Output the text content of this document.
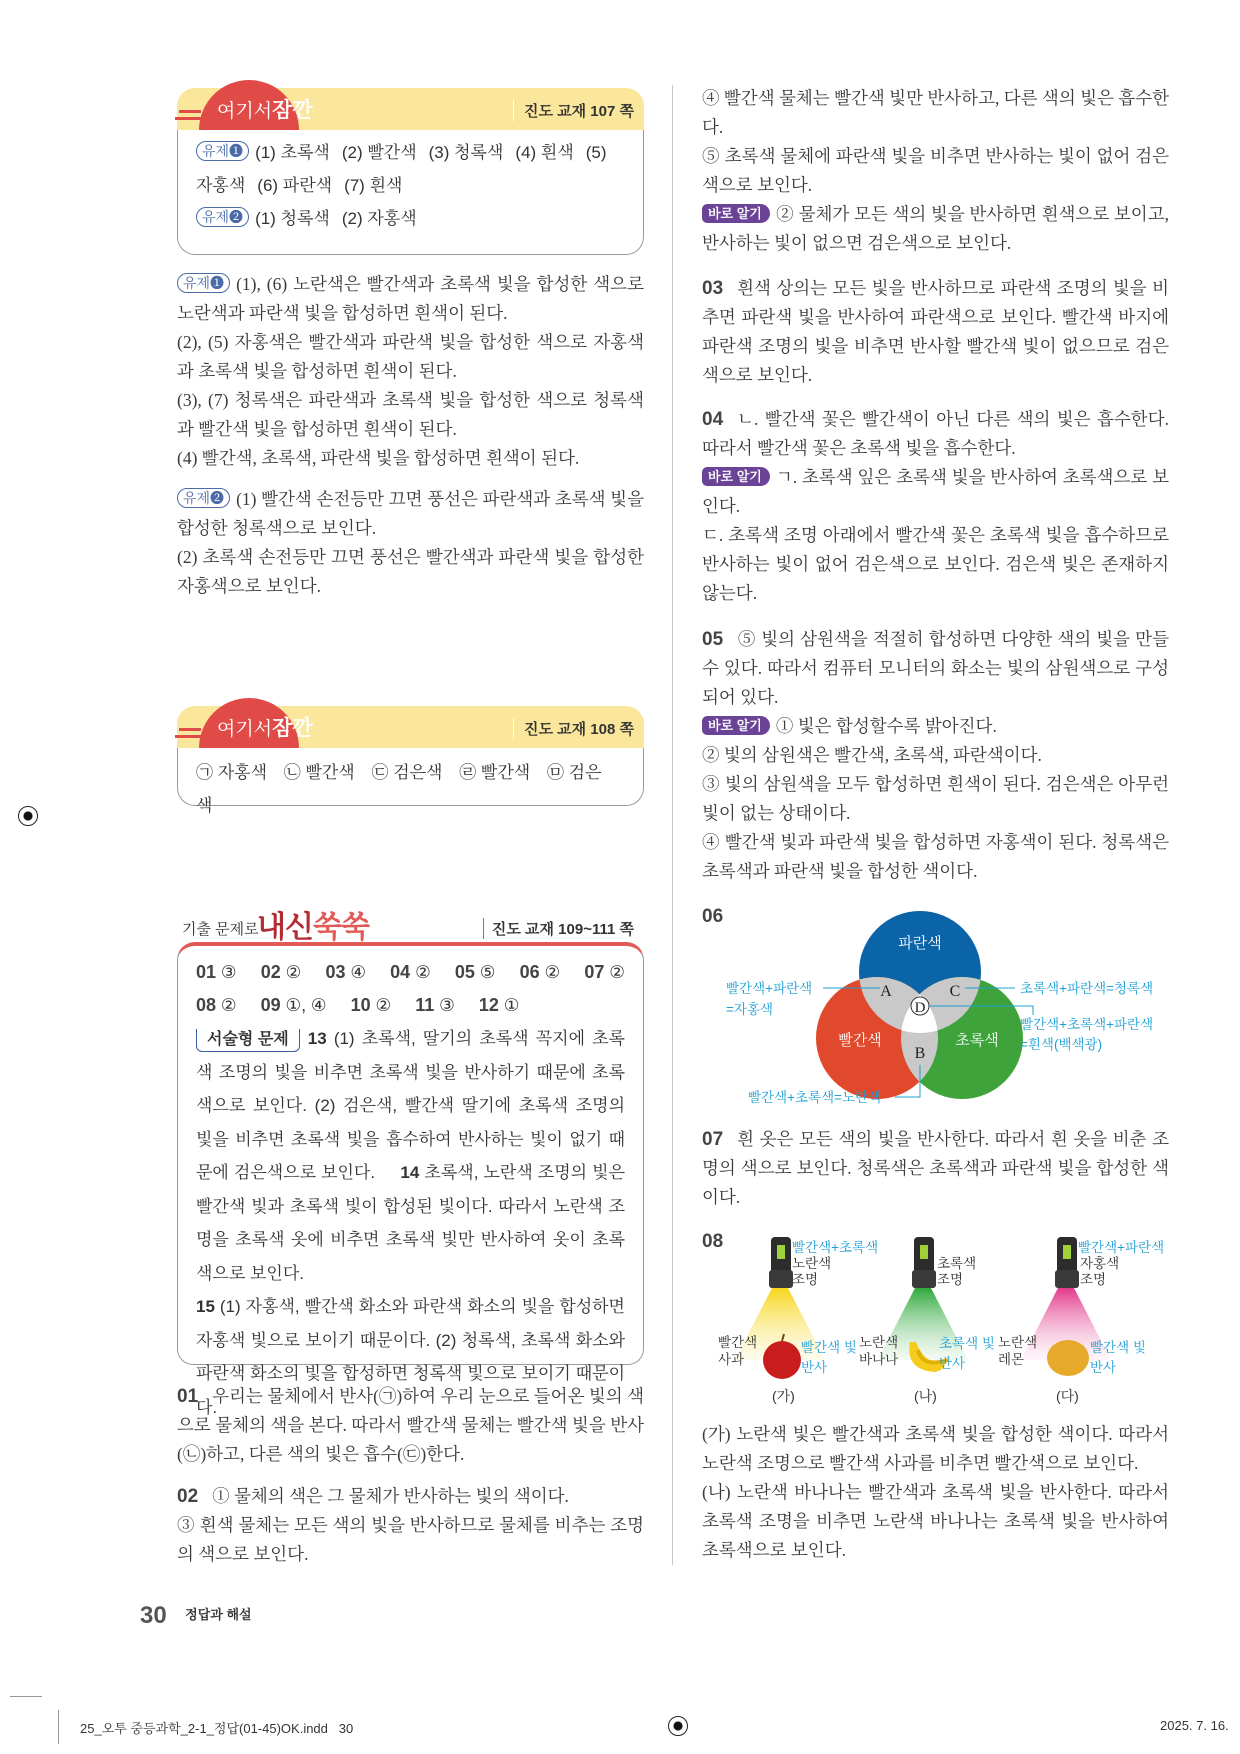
여기서잠깐	진도 교재 107 쪽
유제❶ (1) 초록색 (2) 빨간색 (3) 청록색 (4) 흰색 (5) 자홍색 (6) 파란색 (7) 흰색
유제❷ (1) 청록색 (2) 자홍색

유제❶ (1), (6) 노란색은 빨간색과 초록색 빛을 합성한 색으로 노란색과 파란색 빛을 합성하면 흰색이 된다.

(2), (5) 자홍색은 빨간색과 파란색 빛을 합성한 색으로 자홍색과 초록색 빛을 합성하면 흰색이 된다.

(3), (7) 청록색은 파란색과 초록색 빛을 합성한 색으로 청록색과 빨간색 빛을 합성하면 흰색이 된다.

(4) 빨간색, 초록색, 파란색 빛을 합성하면 흰색이 된다.

유제❷ (1) 빨간색 손전등만 끄면 풍선은 파란색과 초록색 빛을 합성한 청록색으로 보인다.

(2) 초록색 손전등만 끄면 풍선은 빨간색과 파란색 빛을 합성한 자홍색으로 보인다.

여기서잠깐	진도 교재 108 쪽
㉠ 자홍색 ㉡ 빨간색 ㉢ 검은색 ㉣ 빨간색 ㉤ 검은색
기출 문제로
내신쑥쑥	진도 교재 109~111 쪽
01 ③ 02 ② 03 ④ 04 ② 05 ⑤ 06 ② 07 ②
08 ② 09 ①, ④ 10 ② 11 ③ 12 ①
서술형 문제 13 (1) 초록색, 딸기의 초록색 꼭지에 초록색 조명의 빛을 비추면 초록색 빛을 반사하기 때문에 초록색으로 보인다. (2) 검은색, 빨간색 딸기에 초록색 조명의 빛을 비추면 초록색 빛을 흡수하여 반사하는 빛이 없기 때문에 검은색으로 보인다. 14 초록색, 노란색 조명의 빛은 빨간색 빛과 초록색 빛이 합성된 빛이다. 따라서 노란색 조명을 초록색 옷에 비추면 초록색 빛만 반사하여 옷이 초록색으로 보인다.
15 (1) 자홍색, 빨간색 화소와 파란색 화소의 빛을 합성하면 자홍색 빛으로 보이기 때문이다. (2) 청록색, 초록색 화소와 파란색 화소의 빛을 합성하면 청록색 빛으로 보이기 때문이다.

01 우리는 물체에서 반사(㉠)하여 우리 눈으로 들어온 빛의 색으로 물체의 색을 본다. 따라서 빨간색 물체는 빨간색 빛을 반사(㉡)하고, 다른 색의 빛은 흡수(㉢)한다.

02 ① 물체의 색은 그 물체가 반사하는 빛의 색이다.

③ 흰색 물체는 모든 색의 빛을 반사하므로 물체를 비추는 조명의 색으로 보인다.

④ 빨간색 물체는 빨간색 빛만 반사하고, 다른 색의 빛은 흡수한다.

⑤ 초록색 물체에 파란색 빛을 비추면 반사하는 빛이 없어 검은색으로 보인다.

바로 알기 ② 물체가 모든 색의 빛을 반사하면 흰색으로 보이고, 반사하는 빛이 없으면 검은색으로 보인다.

03 흰색 상의는 모든 빛을 반사하므로 파란색 조명의 빛을 비추면 파란색 빛을 반사하여 파란색으로 보인다. 빨간색 바지에 파란색 조명의 빛을 비추면 반사할 빨간색 빛이 없으므로 검은색으로 보인다.

04 ㄴ. 빨간색 꽃은 빨간색이 아닌 다른 색의 빛은 흡수한다. 따라서 빨간색 꽃은 초록색 빛을 흡수한다.

바로 알기 ㄱ. 초록색 잎은 초록색 빛을 반사하여 초록색으로 보인다.

ㄷ. 초록색 조명 아래에서 빨간색 꽃은 초록색 빛을 흡수하므로 반사하는 빛이 없어 검은색으로 보인다. 검은색 빛은 존재하지 않는다.

05 ⑤ 빛의 삼원색을 적절히 합성하면 다양한 색의 빛을 만들 수 있다. 따라서 컴퓨터 모니터의 화소는 빛의 삼원색으로 구성되어 있다.

바로 알기 ① 빛은 합성할수록 밝아진다.

② 빛의 삼원색은 빨간색, 초록색, 파란색이다.

③ 빛의 삼원색을 모두 합성하면 흰색이 된다. 검은색은 아무런 빛이 없는 상태이다.

④ 빨간색 빛과 파란색 빛을 합성하면 자홍색이 된다. 청록색은 초록색과 파란색 빛을 합성한 색이다.

06
파란색
빨간색	초록색
A
B
C
D
빨간색+파란색
=자홍색
초록색+파란색=청록색
빨간색+초록색+파란색
=흰색(백색광)
빨간색+초록색=노란색

07 흰 옷은 모든 색의 빛을 반사한다. 따라서 흰 옷을 비춘 조명의 색으로 보인다. 청록색은 초록색과 파란색 빛을 합성한 색이다.

08	빨간색+초록색
노란색
조명
빨간색
사과
빨간색 빛
반사
(가)
초록색
조명
노란색
바나나
초록색 빛
반사
(나)
빨간색+파란색
자홍색
조명
노란색
레몬
빨간색 빛
반사
(다)

(가) 노란색 빛은 빨간색과 초록색 빛을 합성한 색이다. 따라서 노란색 조명으로 빨간색 사과를 비추면 빨간색으로 보인다.

(나) 노란색 바나나는 빨간색과 초록색 빛을 반사한다. 따라서 초록색 조명을 비추면 노란색 바나나는 초록색 빛을 반사하여 초록색으로 보인다.

30 $^{정답과 해설}$
25_오투 중등과학_2-1_정답(01-45)OK.indd   30	2025. 7. 16.
